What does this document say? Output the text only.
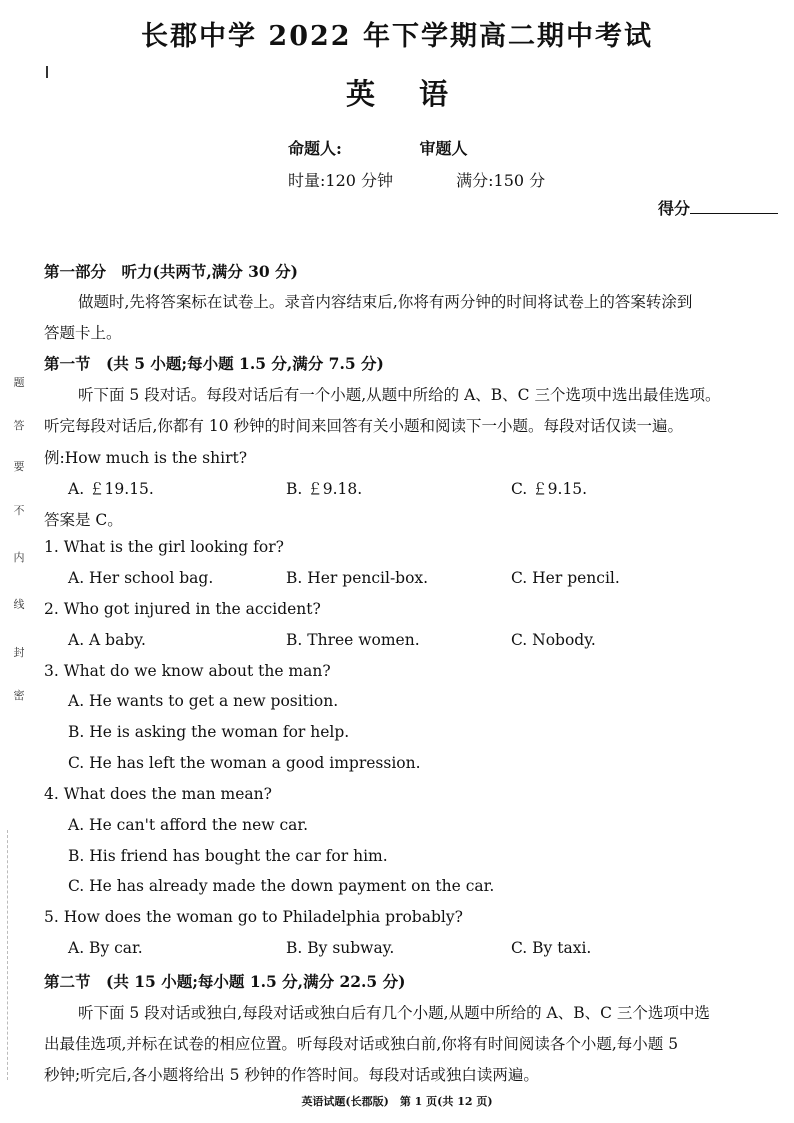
长郡中学 2022 年下学期高二期中考试
英语
命题人:	审题人
时量:120 分钟	满分:150 分
得分
题
答
要
不
内
线
封
密
第一部分　听力(共两节,满分 30 分)
做题时,先将答案标在试卷上。录音内容结束后,你将有两分钟的时间将试卷上的答案转涂到
答题卡上。
第一节　(共 5 小题;每小题 1.5 分,满分 7.5 分)
听下面 5 段对话。每段对话后有一个小题,从题中所给的 A、B、C 三个选项中选出最佳选项。
听完每段对话后,你都有 10 秒钟的时间来回答有关小题和阅读下一小题。每段对话仅读一遍。
例:How much is the shirt?
A. ￡19.15.	B. ￡9.18.	C. ￡9.15.
答案是 C。
1. What is the girl looking for?
A. Her school bag.	B. Her pencil-box.	C. Her pencil.
2. Who got injured in the accident?
A. A baby.	B. Three women.	C. Nobody.
3. What do we know about the man?
A. He wants to get a new position.
B. He is asking the woman for help.
C. He has left the woman a good impression.
4. What does the man mean?
A. He can't afford the new car.
B. His friend has bought the car for him.
C. He has already made the down payment on the car.
5. How does the woman go to Philadelphia probably?
A. By car.	B. By subway.	C. By taxi.
第二节　(共 15 小题;每小题 1.5 分,满分 22.5 分)
听下面 5 段对话或独白,每段对话或独白后有几个小题,从题中所给的 A、B、C 三个选项中选
出最佳选项,并标在试卷的相应位置。听每段对话或独白前,你将有时间阅读各个小题,每小题 5
秒钟;听完后,各小题将给出 5 秒钟的作答时间。每段对话或独白读两遍。
英语试题(长郡版)　第 1 页(共 12 页)
